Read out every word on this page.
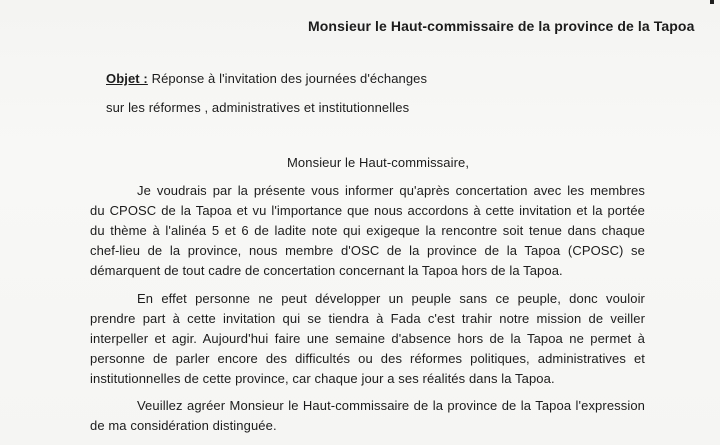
Monsieur le Haut-commissaire de la province de la Tapoa
Objet : Réponse à l'invitation des journées d'échanges
sur les réformes , administratives et institutionnelles
Monsieur le Haut-commissaire,
Je voudrais par la présente vous informer qu'après concertation avec les membres
du CPOSC de la Tapoa et vu l'importance que nous accordons à cette invitation et la portée
du thème à l'alinéa 5 et 6 de ladite note qui exigeque la rencontre soit tenue dans chaque
chef-lieu de la province, nous membre d'OSC de la province de la Tapoa (CPOSC) se
démarquent de tout cadre de concertation concernant la Tapoa hors de la Tapoa.
En effet personne ne peut développer un peuple sans ce peuple, donc vouloir
prendre part à cette invitation qui se tiendra à Fada c'est trahir notre mission de veiller
interpeller et agir. Aujourd'hui faire une semaine d'absence hors de la Tapoa ne permet à
personne de parler encore des difficultés ou des réformes politiques, administratives et
institutionnelles de cette province, car chaque jour a ses réalités dans la Tapoa.
Veuillez agréer Monsieur le Haut-commissaire de la province de la Tapoa l'expression
de ma considération distinguée.
